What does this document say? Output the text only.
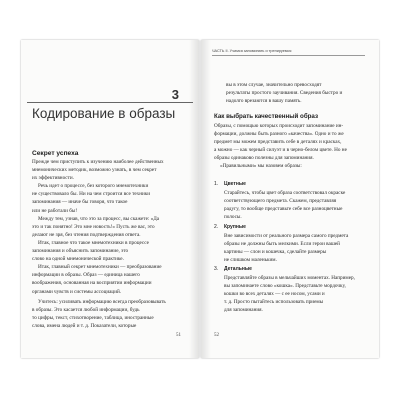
3
Кодирование в образы
Секрет успеха
Прежде чем приступить к изучению наиболее действенных
мнемонических методик, возможно узнать, в чем секрет
их эффективности.
Речь идет о процессе, без которого мнемотехники
не существовало бы. Ни на чем строится все техники
запоминания — иначе бы говоря, что такое
или не работали бы!
Между тем, узнав, что это за процесс, вы скажете: «Да
это и так понятно! Это мне новость!» Пусть же вас, это
делают не зря, без чтения подтверждения ответа.
Итак, главное что такое мнемотехники в процессе
запоминания и объяснить запоминание, это
слово на одной мнемонической практике.
Итак, главный секрет мнемотехники — преобразование
информации в образы. Образ — единица нашего
воображения, основанная на восприятии информации
органами чувств и системы ассоциаций.
Учитесь: усиливать информацию всегда преобразовывать
в образы. Это касается любой информации, будь
то цифры, текст, стихотворение, таблица, иностранные
слова, имена людей и т. д. Показатели, которые
51
ЧАСТЬ II. Учимся запоминать и тренируемся
вы в этом случае, значительно превосходят
результаты простого заучивания. Сведения быстро и
надолго врезаются в вашу память.
Как выбрать качественный образ
Образы, с помощью которых происходит запоминание ин-
формации, должны быть разного «качества». Одно и то же
предмет мы можем представить себе в деталях и красках,
а можно — как черный силуэт и в черно-белом цвете. Но не
образы одинаково полезны для запоминания.
«Правильными» мы назовем образы:
1. Цветные
Старайтесь, чтобы цвет образа соответствовал окраске
соответствующего предмета. Скажем, представляя
радугу, то вообще представьте себе все разноцветные
полосы.
2. Крупные
Вне зависимости от реального размера самого предмета
образы не должны быть мелкими. Если герои вашей
картины — слон и кошечка, сделайте размеры
не слишком маленьким.
3. Детальные
Представляйте образы в мельчайших моментах. Например,
вы запоминаете слово «кошка». Представьте мордочку,
кошки во всех деталях — с ее носом, усами и
т. д. Просто пытайтесь использовать приемы
для запоминания.
52
